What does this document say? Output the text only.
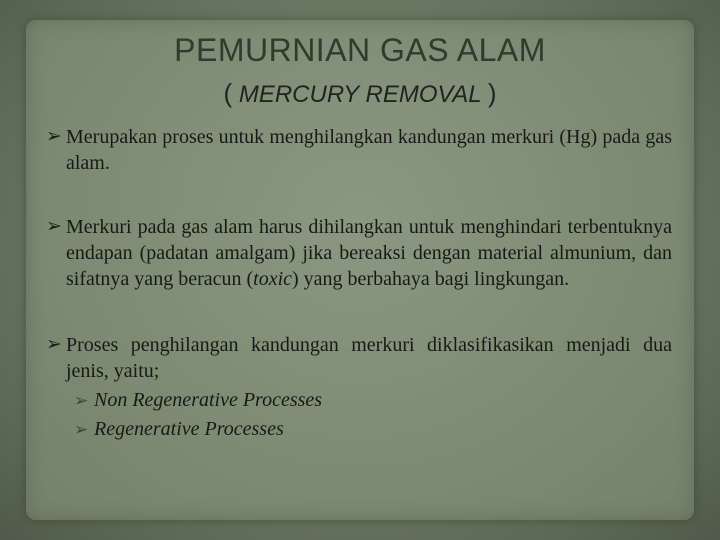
PEMURNIAN GAS ALAM
( MERCURY REMOVAL )
➢ Merupakan proses untuk menghilangkan kandungan merkuri (Hg) pada gas alam.
➢ Merkuri pada gas alam harus dihilangkan untuk menghindari terbentuknya endapan (padatan amalgam) jika bereaksi dengan material almunium, dan sifatnya yang beracun (toxic) yang berbahaya bagi lingkungan.
➢ Proses penghilangan kandungan merkuri diklasifikasikan menjadi dua jenis, yaitu;
➢ Non Regenerative Processes
➢ Regenerative Processes
